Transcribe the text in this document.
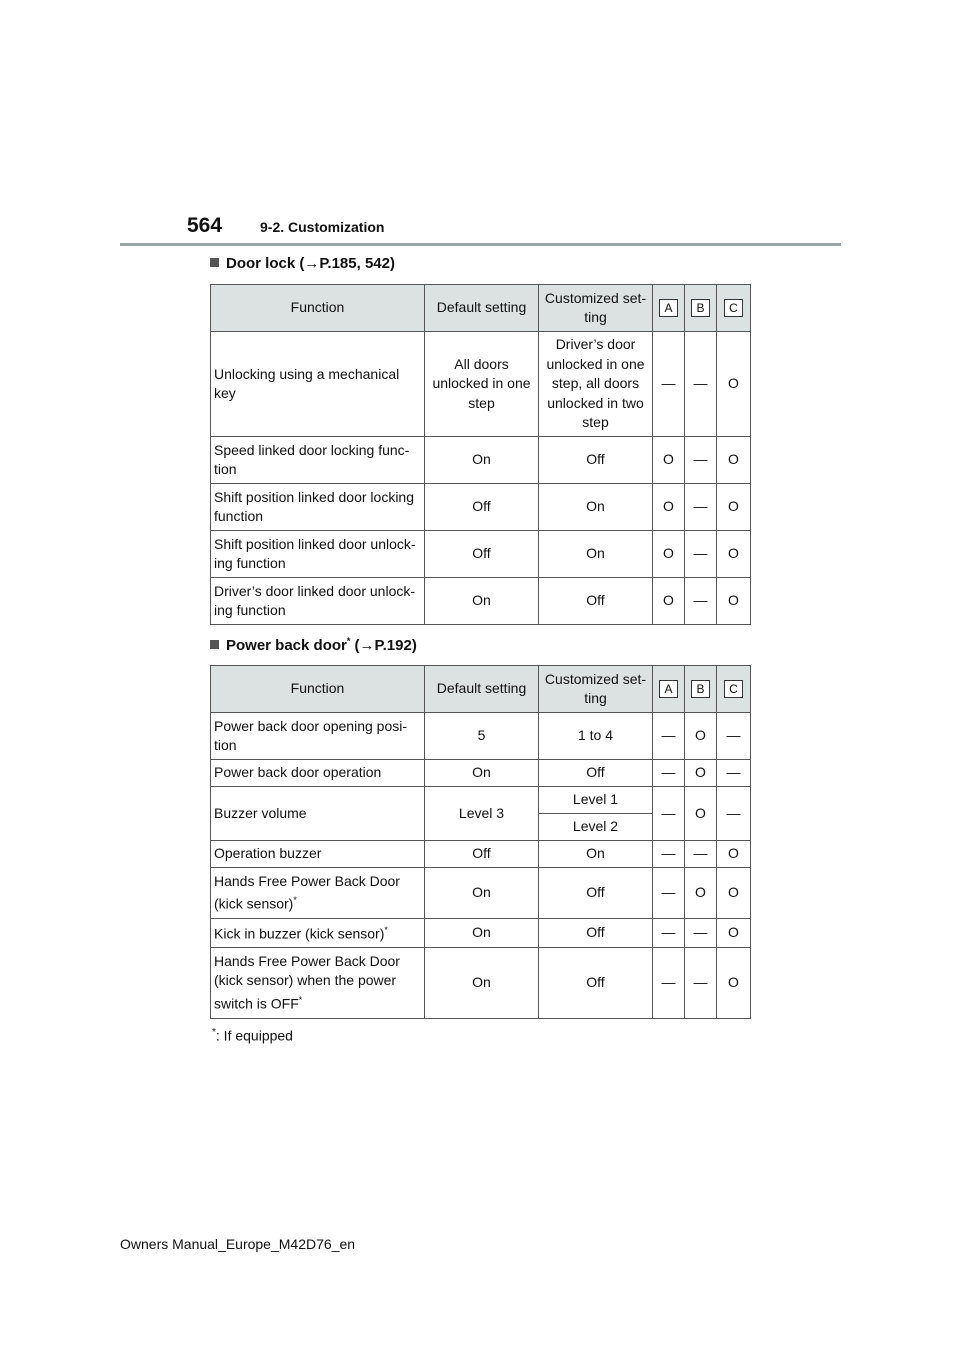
564	9-2. Customization
Door lock (→P.185, 542)
Function	Default setting	Customized set-ting	A	B	C
Unlocking using a mechanical key	All doors unlocked in one step	Driver’s door unlocked in one step, all doors unlocked in two step	—	—	O
Speed linked door locking func-tion	On	Off	O	—	O
Shift position linked door locking function	Off	On	O	—	O
Shift position linked door unlock-ing function	Off	On	O	—	O
Driver’s door linked door unlock-ing function	On	Off	O	—	O
Power back door* (→P.192)
Function	Default setting	Customized set-ting	A	B	C
Power back door opening posi-tion	5	1 to 4	—	O	—
Power back door operation	On	Off	—	O	—
Buzzer volume	Level 3	Level 1	—	O	—
		Level 2			
Operation buzzer	Off	On	—	—	O
Hands Free Power Back Door (kick sensor)*	On	Off	—	O	O
Kick in buzzer (kick sensor)*	On	Off	—	—	O
Hands Free Power Back Door (kick sensor) when the power switch is OFF*	On	Off	—	—	O
*: If equipped
Owners Manual_Europe_M42D76_en
